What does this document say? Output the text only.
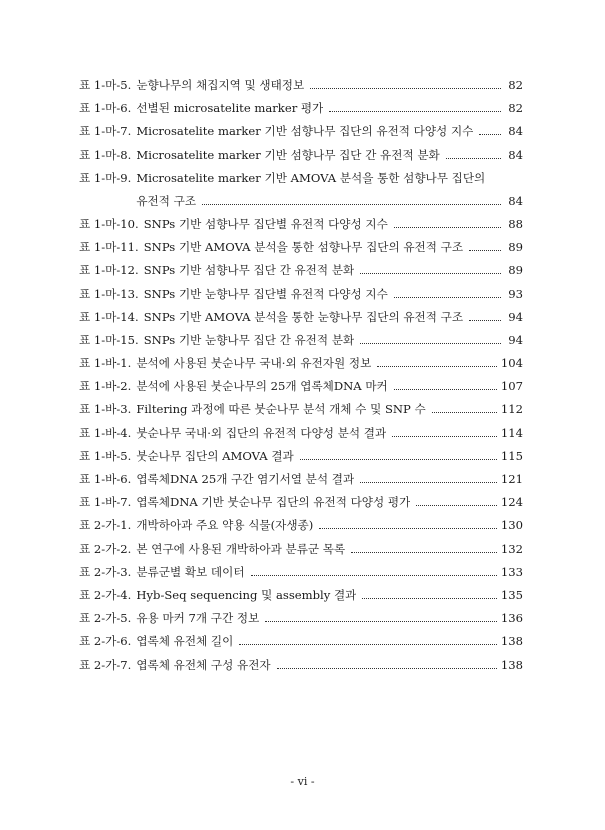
표 1-마-5. 눈향나무의 채집지역 및 생태정보	82
표 1-마-6. 선별된 microsatelite marker 평가	82
표 1-마-7. Microsatelite marker 기반 섬향나무 집단의 유전적 다양성 지수	84
표 1-마-8. Microsatelite marker 기반 섬향나무 집단 간 유전적 분화	84
표 1-마-9. Microsatelite marker 기반 AMOVA 분석을 통한 섬향나무 집단의
유전적 구조	84
표 1-마-10. SNPs 기반 섬향나무 집단별 유전적 다양성 지수	88
표 1-마-11. SNPs 기반 AMOVA 분석을 통한 섬향나무 집단의 유전적 구조	89
표 1-마-12. SNPs 기반 섬향나무 집단 간 유전적 분화	89
표 1-마-13. SNPs 기반 눈향나무 집단별 유전적 다양성 지수	93
표 1-마-14. SNPs 기반 AMOVA 분석을 통한 눈향나무 집단의 유전적 구조	94
표 1-마-15. SNPs 기반 눈향나무 집단 간 유전적 분화	94
표 1-바-1. 분석에 사용된 붓순나무 국내·외 유전자원 정보	104
표 1-바-2. 분석에 사용된 붓순나무의 25개 엽록체DNA 마커	107
표 1-바-3. Filtering 과정에 따른 붓순나무 분석 개체 수 및 SNP 수	112
표 1-바-4. 붓순나무 국내·외 집단의 유전적 다양성 분석 결과	114
표 1-바-5. 붓순나무 집단의 AMOVA 결과	115
표 1-바-6. 엽록체DNA 25개 구간 염기서열 분석 결과	121
표 1-바-7. 엽록체DNA 기반 붓순나무 집단의 유전적 다양성 평가	124
표 2-가-1. 개박하아과 주요 약용 식물(자생종)	130
표 2-가-2. 본 연구에 사용된 개박하아과 분류군 목록	132
표 2-가-3. 분류군별 확보 데이터	133
표 2-가-4. Hyb-Seq sequencing 및 assembly 결과	135
표 2-가-5. 유용 마커 7개 구간 정보	136
표 2-가-6. 엽록체 유전체 길이	138
표 2-가-7. 엽록체 유전체 구성 유전자	138
- vi -
